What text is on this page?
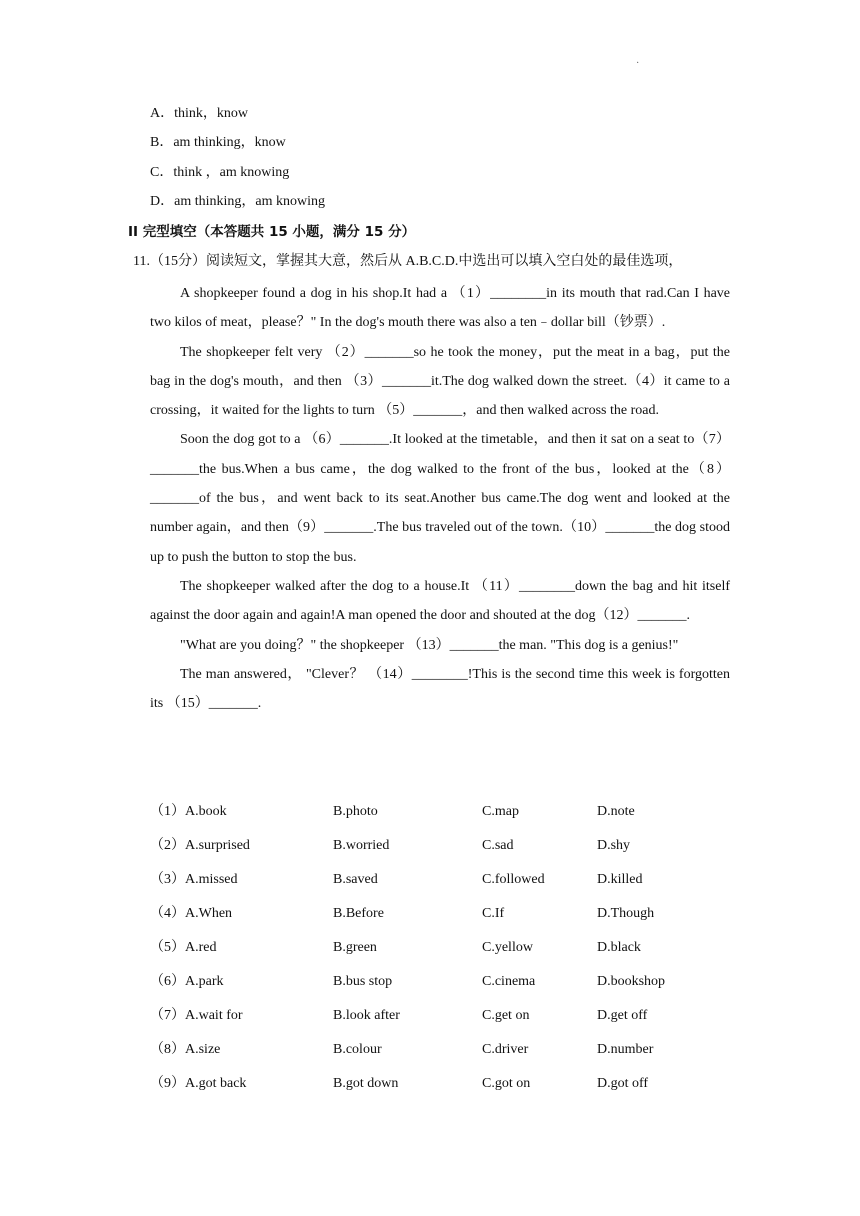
·
A．think，know
B．am thinking，know
C．think ，am knowing
D．am thinking，am knowing
II 完型填空（本答题共 15 小题，满分 15 分）
11.（15分）阅读短文，掌握其大意，然后从 A.B.C.D.中选出可以填入空白处的最佳选项，

A shopkeeper found a dog in his shop.It had a （1）________in its mouth that rad.Can I have two kilos of meat，please？" In the dog's mouth there was also a ten﹣dollar bill（钞票）.

The shopkeeper felt very （2）_______so he took the money，put the meat in a bag，put the bag in the dog's mouth，and then （3）_______it.The dog walked down the street.（4）it came to a crossing，it waited for the lights to turn （5）_______，and then walked across the road.

Soon the dog got to a （6）_______.It looked at the timetable，and then it sat on a seat to（7）_______the bus.When a bus came，the dog walked to the front of the bus，looked at the（8）_______of the bus，and went back to its seat.Another bus came.The dog went and looked at the number again，and then（9）_______.The bus traveled out of the town.（10）_______the dog stood up to push the button to stop the bus.

The shopkeeper walked after the dog to a house.It （11）________down the bag and hit itself against the door again and again!A man opened the door and shouted at the dog（12）_______.

"What are you doing？" the shopkeeper （13）_______the man. "This dog is a genius!"

The man answered， "Clever？ （14）________!This is the second time this week is forgotten its （15）_______.

（1）A.book	B.photo	C.map	D.note
（2）A.surprised	B.worried	C.sad	D.shy
（3）A.missed	B.saved	C.followed	D.killed
（4）A.When	B.Before	C.If	D.Though
（5）A.red	B.green	C.yellow	D.black
（6）A.park	B.bus stop	C.cinema	D.bookshop
（7）A.wait for	B.look after	C.get on	D.get off
（8）A.size	B.colour	C.driver	D.number
（9）A.got back	B.got down	C.got on	D.got off
